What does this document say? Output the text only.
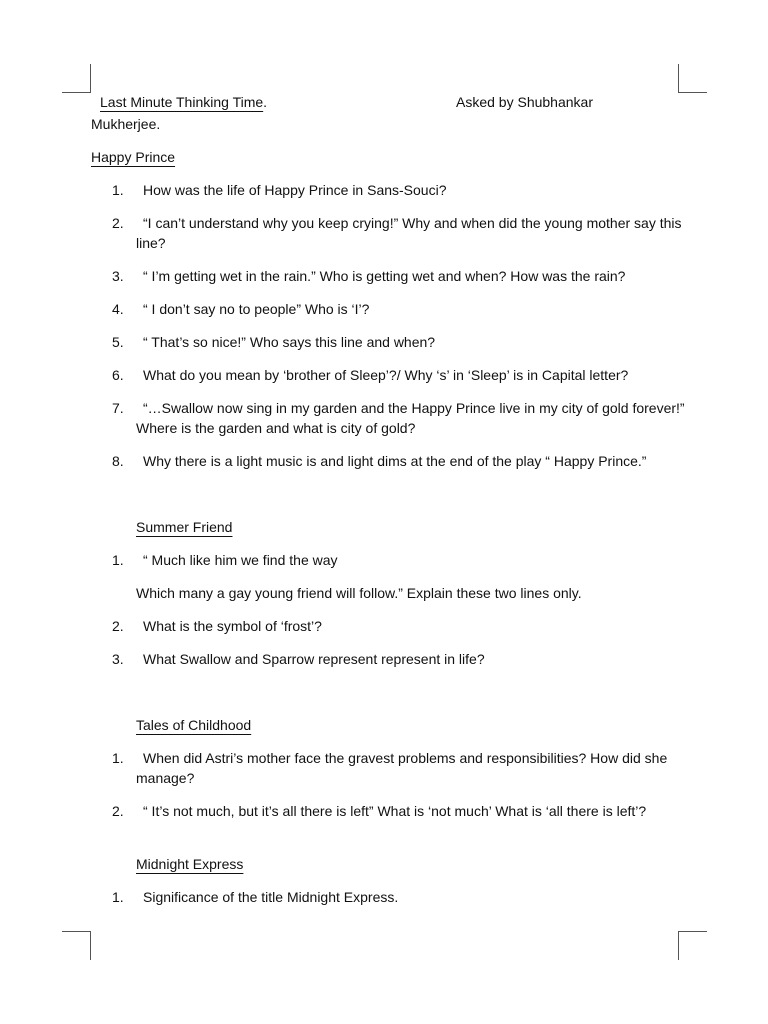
Last Minute Thinking Time.	Asked by Shubhankar
Mukherjee.
Happy Prince
1.	How was the life of Happy Prince in Sans-Souci?
2.	“I can’t understand why you keep crying!” Why and when did the young mother say this line?
3.	“ I’m getting wet in the rain.” Who is getting wet and when? How was the rain?
4.	“ I don’t say no to people” Who is ‘I’?
5.	“ That’s so nice!” Who says this line and when?
6.	What do you mean by ‘brother of Sleep’?/ Why ‘s’ in ‘Sleep’ is in Capital letter?
7.	“…Swallow now sing in my garden and the Happy Prince live in my city of gold forever!” Where is the garden and what is city of gold?
8.	Why there is a light music is and light dims at the end of the play “ Happy Prince.”
Summer Friend
1.	“ Much like him we find the way
Which many a gay young friend will follow.” Explain these two lines only.
2.	What is the symbol of ‘frost’?
3.	What Swallow and Sparrow represent represent in life?
Tales of Childhood
1.	When did Astri’s mother face the gravest problems and responsibilities? How did she manage?
2.	“ It’s not much, but it’s all there is left” What is ‘not much’ What is ‘all there is left’?
Midnight Express
1.	Significance of the title Midnight Express.
